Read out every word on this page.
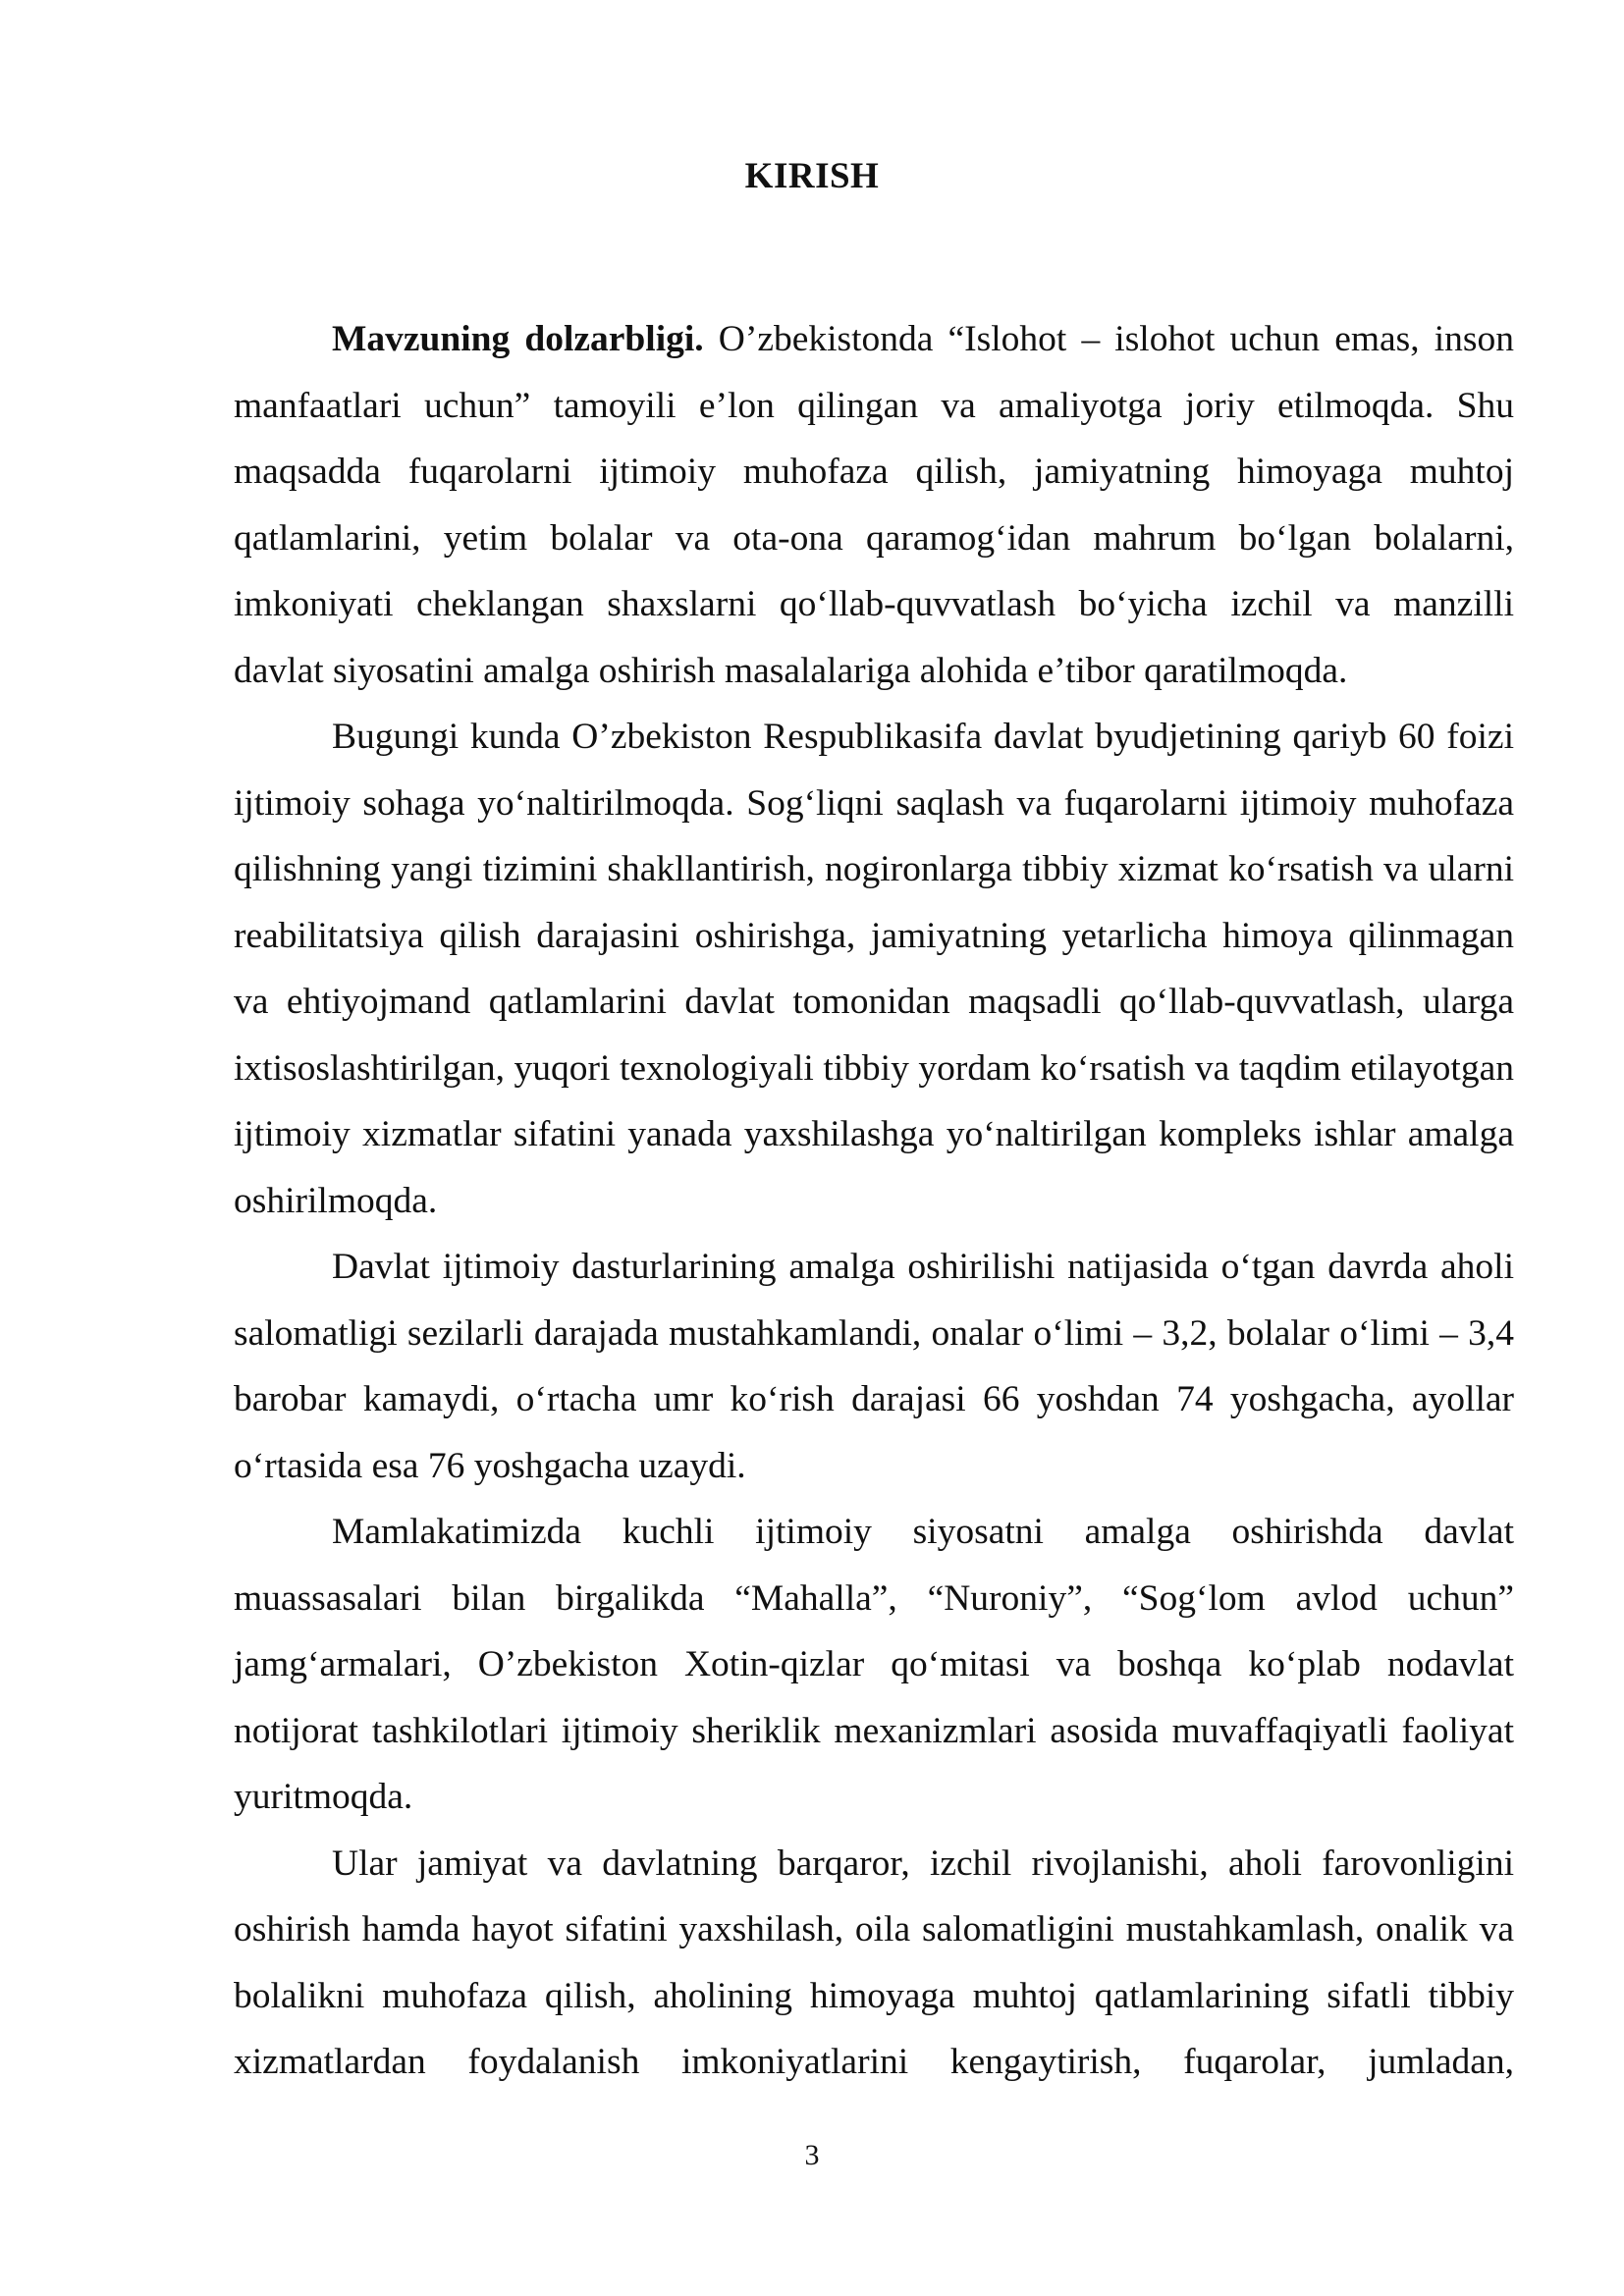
KIRISH

Mavzuning dolzarbligi. O’zbekistonda “Islohot – islohot uchun emas, inson manfaatlari uchun” tamoyili e’lon qilingan va amaliyotga joriy etilmoqda. Shu maqsadda fuqarolarni ijtimoiy muhofaza qilish, jamiyatning himoyaga muhtoj qatlamlarini, yetim bolalar va ota-ona qaramog‘idan mahrum bo‘lgan bolalarni, imkoniyati cheklangan shaxslarni qo‘llab-quvvatlash bo‘yicha izchil va manzilli davlat siyosatini amalga oshirish masalalariga alohida e’tibor qaratilmoqda.

Bugungi kunda O’zbekiston Respublikasifa davlat byudjetining qariyb 60 foizi ijtimoiy sohaga yo‘naltirilmoqda. Sog‘liqni saqlash va fuqarolarni ijtimoiy muhofaza qilishning yangi tizimini shakllantirish, nogironlarga tibbiy xizmat ko‘rsatish va ularni reabilitatsiya qilish darajasini oshirishga, jamiyatning yetarlicha himoya qilinmagan va ehtiyojmand qatlamlarini davlat tomonidan maqsadli qo‘llab-quvvatlash, ularga ixtisoslashtirilgan, yuqori texnologiyali tibbiy yordam ko‘rsatish va taqdim etilayotgan ijtimoiy xizmatlar sifatini yanada yaxshilashga yo‘naltirilgan kompleks ishlar amalga oshirilmoqda.

Davlat ijtimoiy dasturlarining amalga oshirilishi natijasida o‘tgan davrda aholi salomatligi sezilarli darajada mustahkamlandi, onalar o‘limi – 3,2, bolalar o‘limi – 3,4 barobar kamaydi, o‘rtacha umr ko‘rish darajasi 66 yoshdan 74 yoshgacha, ayollar o‘rtasida esa 76 yoshgacha uzaydi.

Mamlakatimizda kuchli ijtimoiy siyosatni amalga oshirishda davlat muassasalari bilan birgalikda “Mahalla”, “Nuroniy”, “Sog‘lom avlod uchun” jamg‘armalari, O’zbekiston Xotin-qizlar qo‘mitasi va boshqa ko‘plab nodavlat notijorat tashkilotlari ijtimoiy sheriklik mexanizmlari asosida muvaffaqiyatli faoliyat yuritmoqda.

Ular jamiyat va davlatning barqaror, izchil rivojlanishi, aholi farovonligini oshirish hamda hayot sifatini yaxshilash, oila salomatligini mustahkamlash, onalik va bolalikni muhofaza qilish, aholining himoyaga muhtoj qatlamlarining sifatli tibbiy xizmatlardan foydalanish imkoniyatlarini kengaytirish, fuqarolar, jumladan,

3
